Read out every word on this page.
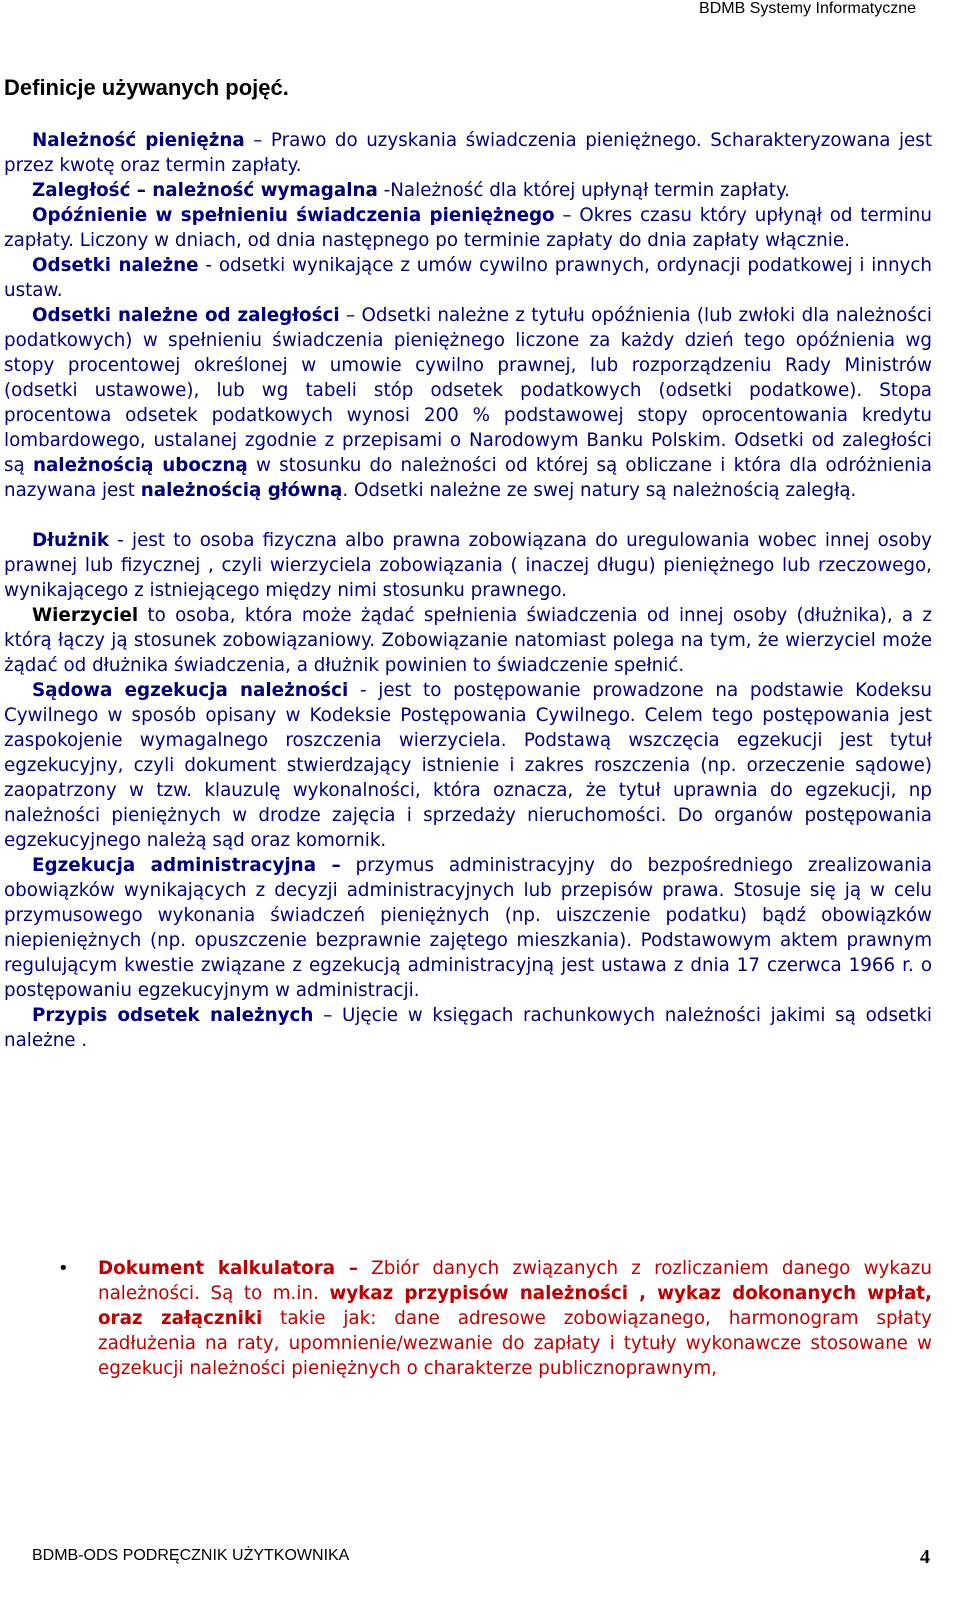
BDMB Systemy Informatyczne
Definicje używanych pojęć.

Należność pieniężna – Prawo do uzyskania świadczenia pieniężnego. Scharakteryzowana jest przez kwotę oraz termin zapłaty.

Zaległość – należność wymagalna -Należność dla której upłynął termin zapłaty.

Opóźnienie w spełnieniu świadczenia pieniężnego – Okres czasu który upłynął od terminu zapłaty. Liczony w dniach, od dnia następnego po terminie zapłaty do dnia zapłaty włącznie.

Odsetki należne - odsetki wynikające z umów cywilno prawnych, ordynacji podatkowej i innych ustaw.

Odsetki należne od zaległości – Odsetki należne z tytułu opóźnienia (lub zwłoki dla należności podatkowych) w spełnieniu świadczenia pieniężnego liczone za każdy dzień tego opóźnienia wg stopy procentowej określonej w umowie cywilno prawnej, lub rozporządzeniu Rady Ministrów (odsetki ustawowe), lub wg tabeli stóp odsetek podatkowych (odsetki podatkowe). Stopa procentowa odsetek podatkowych wynosi 200 % podstawowej stopy oprocentowania kredytu lombardowego, ustalanej zgodnie z przepisami o Narodowym Banku Polskim. Odsetki od zaległości są należnością uboczną w stosunku do należności od której są obliczane i która dla odróżnienia nazywana jest należnością główną. Odsetki należne ze swej natury są należnością zaległą.

Dłużnik - jest to osoba fizyczna albo prawna zobowiązana do uregulowania wobec innej osoby prawnej lub fizycznej , czyli wierzyciela zobowiązania ( inaczej długu) pieniężnego lub rzeczowego, wynikającego z istniejącego między nimi stosunku prawnego.

Wierzyciel to osoba, która może żądać spełnienia świadczenia od innej osoby (dłużnika), a z którą łączy ją stosunek zobowiązaniowy. Zobowiązanie natomiast polega na tym, że wierzyciel może żądać od dłużnika świadczenia, a dłużnik powinien to świadczenie spełnić.

Sądowa egzekucja należności - jest to postępowanie prowadzone na podstawie Kodeksu Cywilnego w sposób opisany w Kodeksie Postępowania Cywilnego. Celem tego postępowania jest zaspokojenie wymagalnego roszczenia wierzyciela. Podstawą wszczęcia egzekucji jest tytuł egzekucyjny, czyli dokument stwierdzający istnienie i zakres roszczenia (np. orzeczenie sądowe) zaopatrzony w tzw. klauzulę wykonalności, która oznacza, że tytuł uprawnia do egzekucji, np należności pieniężnych w drodze zajęcia i sprzedaży nieruchomości. Do organów postępowania egzekucyjnego należą sąd oraz komornik.

Egzekucja administracyjna – przymus administracyjny do bezpośredniego zrealizowania obowiązków wynikających z decyzji administracyjnych lub przepisów prawa. Stosuje się ją w celu przymusowego wykonania świadczeń pieniężnych (np. uiszczenie podatku) bądź obowiązków niepieniężnych (np. opuszczenie bezprawnie zajętego mieszkania). Podstawowym aktem prawnym regulującym kwestie związane z egzekucją administracyjną jest ustawa z dnia 17 czerwca 1966 r. o postępowaniu egzekucyjnym w administracji.

Przypis odsetek należnych – Ujęcie w księgach rachunkowych należności jakimi są odsetki należne .

• Dokument kalkulatora – Zbiór danych związanych z rozliczaniem danego wykazu należności. Są to m.in. wykaz przypisów należności , wykaz dokonanych wpłat, oraz załączniki takie jak: dane adresowe zobowiązanego, harmonogram spłaty zadłużenia na raty, upomnienie/wezwanie do zapłaty i tytuły wykonawcze stosowane w egzekucji należności pieniężnych o charakterze publicznoprawnym,
BDMB-ODS PODRĘCZNIK UŻYTKOWNIKA	4
